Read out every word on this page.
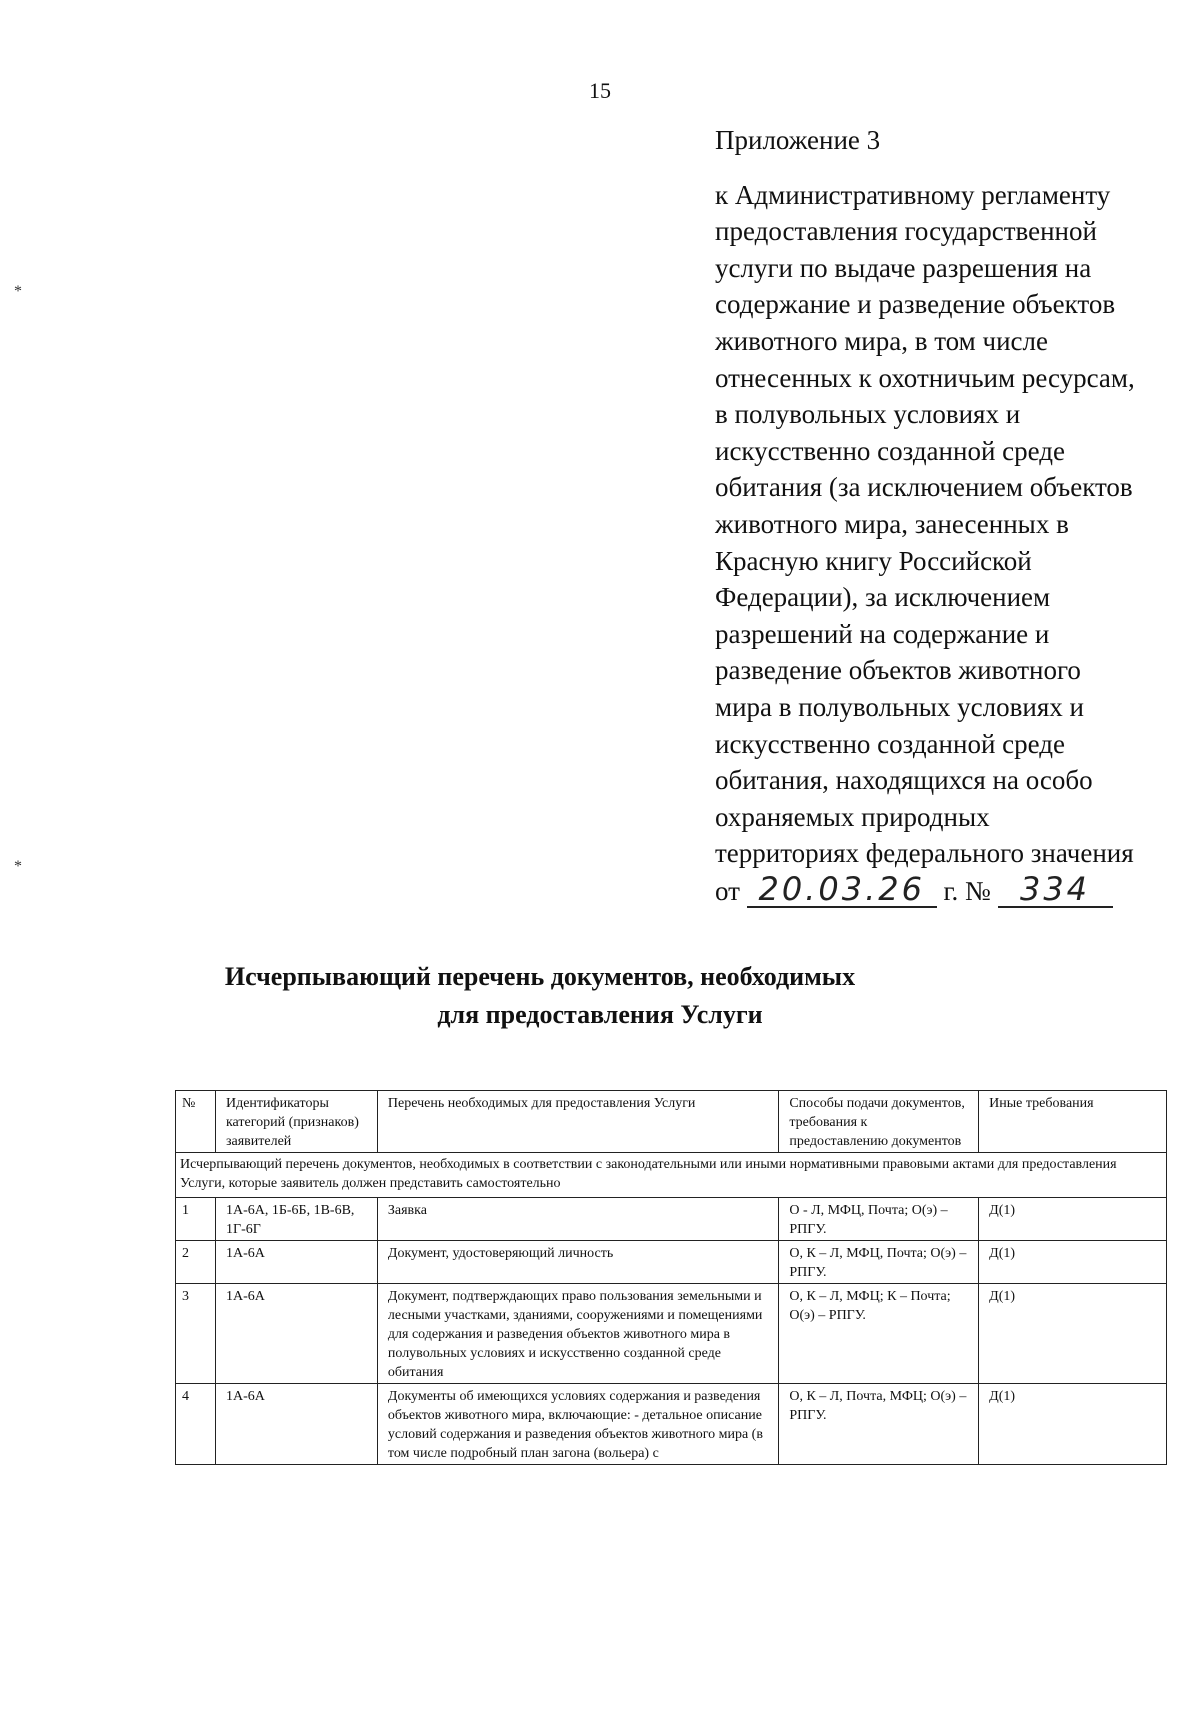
15
*
*
Приложение 3
к Административному регламенту
предоставления государственной
услуги по выдаче разрешения на
содержание и разведение объектов
животного мира, в том числе
отнесенных к охотничьим ресурсам,
в полувольных условиях и
искусственно созданной среде
обитания (за исключением объектов
животного мира, занесенных в
Красную книгу Российской
Федерации), за исключением
разрешений на содержание и
разведение объектов животного
мира в полувольных условиях и
искусственно созданной среде
обитания, находящихся на особо
охраняемых природных
территориях федерального значения
от 20.03.26 г. № 334
Исчерпывающий перечень документов, необходимых
для предоставления Услуги
№	Идентификаторы категорий (признаков) заявителей	Перечень необходимых для предоставления Услуги	Способы подачи документов, требования к предоставлению документов	Иные требования
Исчерпывающий перечень документов, необходимых в соответствии с законодательными или иными нормативными правовыми актами для предоставления Услуги, которые заявитель должен представить самостоятельно				
1	1А-6А, 1Б-6Б, 1В-6В, 1Г-6Г	Заявка	О - Л, МФЦ, Почта; О(э) – РПГУ.	Д(1)
2	1А-6А	Документ, удостоверяющий личность	О, К – Л, МФЦ, Почта; О(э) – РПГУ.	Д(1)
3	1А-6А	Документ, подтверждающих право пользования земельными и лесными участками, зданиями, сооружениями и помещениями для содержания и разведения объектов животного мира в полувольных условиях и искусственно созданной среде обитания	О, К – Л, МФЦ; К – Почта; О(э) – РПГУ.	Д(1)
4	1А-6А	Документы об имеющихся условиях содержания и разведения объектов животного мира, включающие: - детальное описание условий содержания и разведения объектов животного мира (в том числе подробный план загона (вольера) с	О, К – Л, Почта, МФЦ; О(э) – РПГУ.	Д(1)
